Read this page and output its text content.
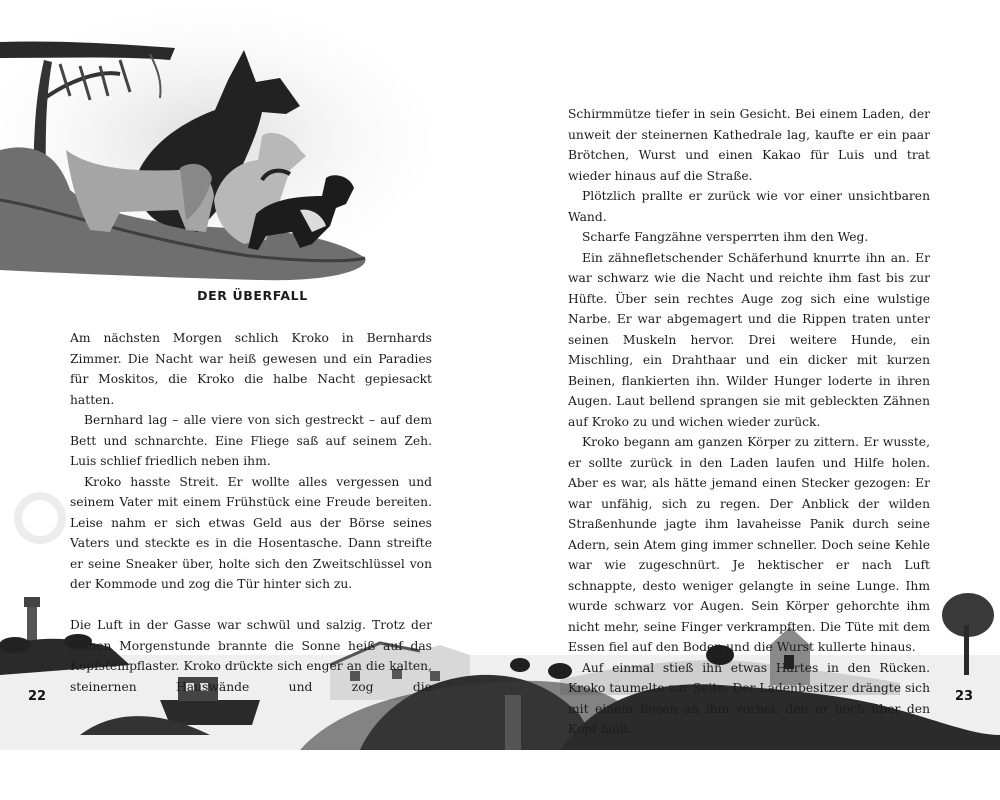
DER ÜBERFALL

Am nächsten Morgen schlich Kroko in Bernhards Zimmer. Die Nacht war heiß gewesen und ein Paradies für Moskitos, die Kroko die halbe Nacht gepiesackt hatten.

Bernhard lag – alle viere von sich gestreckt – auf dem Bett und schnarchte. Eine Fliege saß auf seinem Zeh. Luis schlief friedlich neben ihm.

Kroko hasste Streit. Er wollte alles vergessen und seinem Vater mit einem Frühstück eine Freude bereiten. Leise nahm er sich etwas Geld aus der Börse seines Vaters und steckte es in die Hosentasche. Dann streifte er seine Sneaker über, holte sich den Zweitschlüssel von der Kommode und zog die Tür hinter sich zu.

Die Luft in der Gasse war schwül und salzig. Trotz der frühen Morgenstunde brannte die Sonne heiß auf das Kopfsteinpflaster. Kroko drückte sich enger an die kalten, steinernen Hauswände und zog die

Schirmmütze tiefer in sein Gesicht. Bei einem Laden, der unweit der steinernen Kathedrale lag, kaufte er ein paar Brötchen, Wurst und einen Kakao für Luis und trat wieder hinaus auf die Straße.

Plötzlich prallte er zurück wie vor einer unsichtbaren Wand.

Scharfe Fangzähne versperrten ihm den Weg.

Ein zähnefletschender Schäferhund knurrte ihn an. Er war schwarz wie die Nacht und reichte ihm fast bis zur Hüfte. Über sein rechtes Auge zog sich eine wulstige Narbe. Er war abgemagert und die Rippen traten unter seinen Muskeln hervor. Drei weitere Hunde, ein Mischling, ein Drahthaar und ein dicker mit kurzen Beinen, flankierten ihn. Wilder Hunger loderte in ihren Augen. Laut bellend sprangen sie mit gebleckten Zähnen auf Kroko zu und wichen wieder zurück.

Kroko begann am ganzen Körper zu zittern. Er wusste, er sollte zurück in den Laden laufen und Hilfe holen. Aber es war, als hätte jemand einen Stecker gezogen: Er war unfähig, sich zu regen. Der Anblick der wilden Straßenhunde jagte ihm lavaheisse Panik durch seine Adern, sein Atem ging immer schneller. Doch seine Kehle war wie zugeschnürt. Je hektischer er nach Luft schnappte, desto weniger gelangte in seine Lunge. Ihm wurde schwarz vor Augen. Sein Körper gehorchte ihm nicht mehr, seine Finger verkrampften. Die Tüte mit dem Essen fiel auf den Boden und die Wurst kullerte hinaus.

Auf einmal stieß ihn etwas Hartes in den Rücken. Kroko taumelte zur Seite. Der Ladenbesitzer drängte sich mit einem Besen an ihm vorbei, den er hoch über den Kopf hielt.

22	23
